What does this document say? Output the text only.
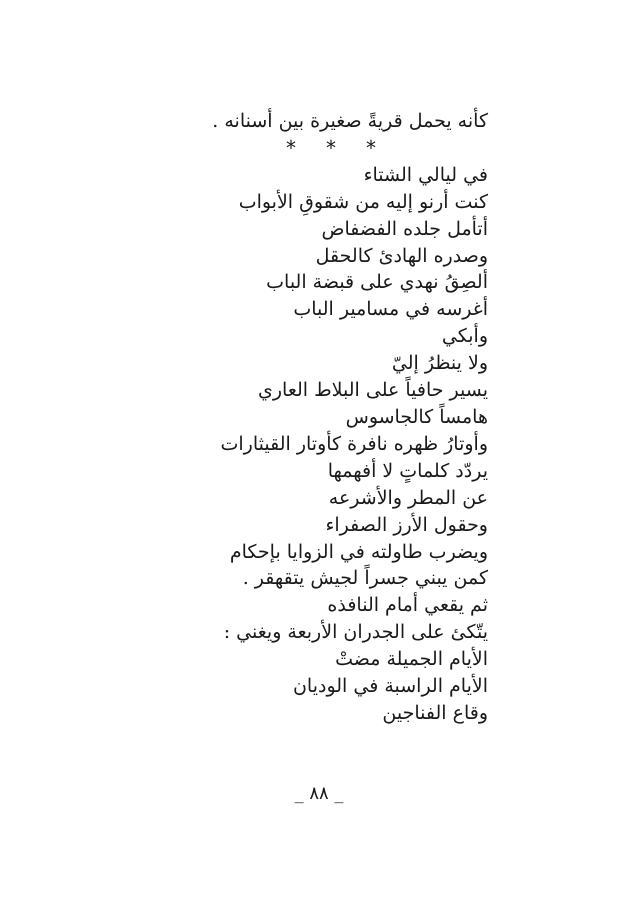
كأنه يحمل قريةً صغيرة بين أسنانه .
* * *
في ليالي الشتاء
كنت أرنو إليه من شقوقِ الأبواب
أتأمل جلده الفضفاض
وصدره الهادئ كالحقل
ألصِقُ نهدي على قبضة الباب
أغرسه في مسامير الباب
وأبكي
ولا ينظرُ إليّ
يسير حافياً على البلاط العاري
هامساً كالجاسوس
وأوتارُ ظهره نافرة كأوتار القيثارات
يردّد كلماتٍ لا أفهمها
عن المطر والأشرعه
وحقول الأرز الصفراء
ويضرب طاولته في الزوايا بإحكام
كمن يبني جسراً لجيش يتقهقر .
ثم يقعي أمام النافذه
يتّكئ على الجدران الأربعة ويغني :
الأيام الجميلة مضتْ
الأيام الراسبة في الوديان
وقاع الفناجين
_ ٨٨ _
